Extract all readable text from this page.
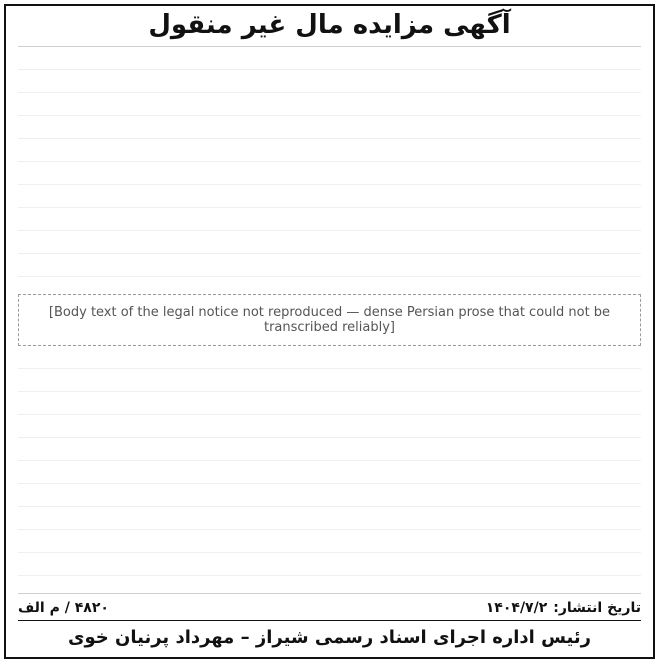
آگهی مزایده مال غیر منقول
[Body text of the legal notice not reproduced — dense Persian prose that could not be transcribed reliably]
تاریخ انتشار:
۱۴۰۴/۷/۲
۴۸۲۰ / م الف
رئیس اداره اجرای اسناد رسمی شیراز – مهرداد پرنیان خوی
